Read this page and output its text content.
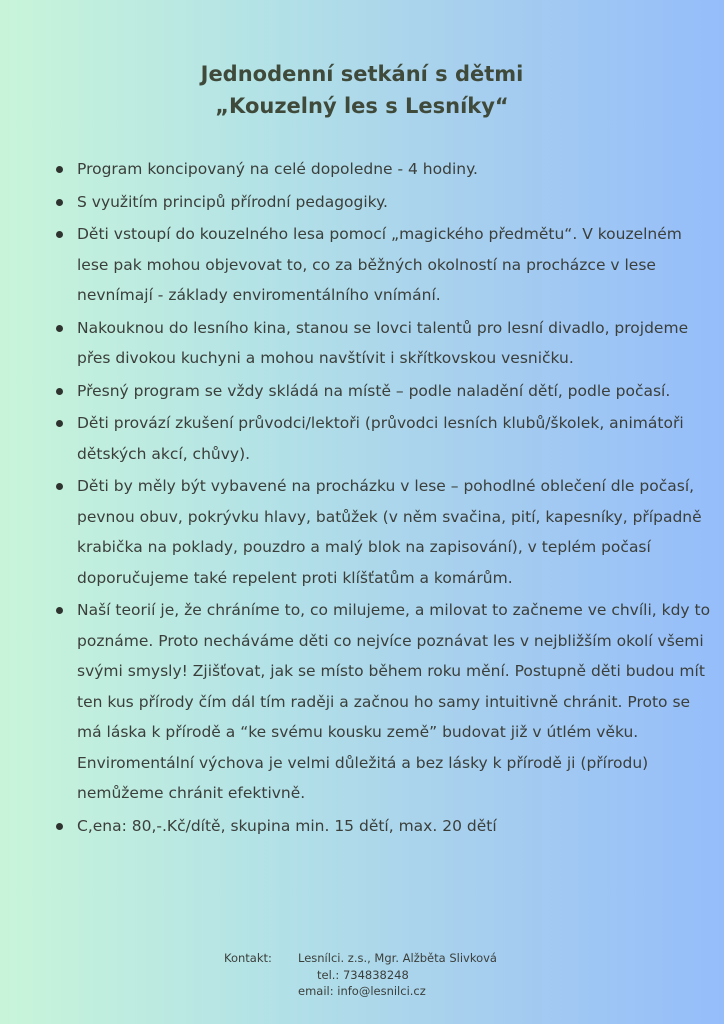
Jednodenní setkání s dětmi
„Kouzelný les s Lesníky“
Program koncipovaný na celé dopoledne - 4 hodiny.
S využitím principů přírodní pedagogiky.
Děti vstoupí do kouzelného lesa pomocí „magického předmětu“. V kouzelném lese pak mohou objevovat to, co za běžných okolností na procházce v lese nevnímají - základy enviromentálního vnímání.
Nakouknou do lesního kina, stanou se lovci talentů pro lesní divadlo, projdeme přes divokou kuchyni a mohou navštívit i skřítkovskou vesničku.
Přesný program se vždy skládá na místě – podle naladění dětí, podle počasí.
Děti provází zkušení průvodci/lektoři (průvodci lesních klubů/školek, animátoři dětských akcí, chůvy).
Děti by měly být vybavené na procházku v lese – pohodlné oblečení dle počasí, pevnou obuv, pokrývku hlavy, batůžek (v něm svačina, pití, kapesníky, případně krabička na poklady, pouzdro a malý blok na zapisování), v teplém počasí doporučujeme také repelent proti klíšťatům a komárům.
Naší teorií je, že chráníme to, co milujeme, a milovat to začneme ve chvíli, kdy to poznáme. Proto necháváme děti co nejvíce poznávat les v nejbližším okolí všemi svými smysly! Zjišťovat, jak se místo během roku mění. Postupně děti budou mít ten kus přírody čím dál tím raději a začnou ho samy intuitivně chránit. Proto se má láska k přírodě a “ke svému kousku země” budovat již v útlém věku. Enviromentální výchova je velmi důležitá a bez lásky k přírodě ji (přírodu) nemůžeme chránit efektivně.
C,ena: 80,-.Kč/dítě, skupina min. 15 dětí, max. 20 dětí
Kontakt: Lesnílci. z.s., Mgr. Alžběta Slivková
tel.: 734838248
email: info@lesnilci.cz
